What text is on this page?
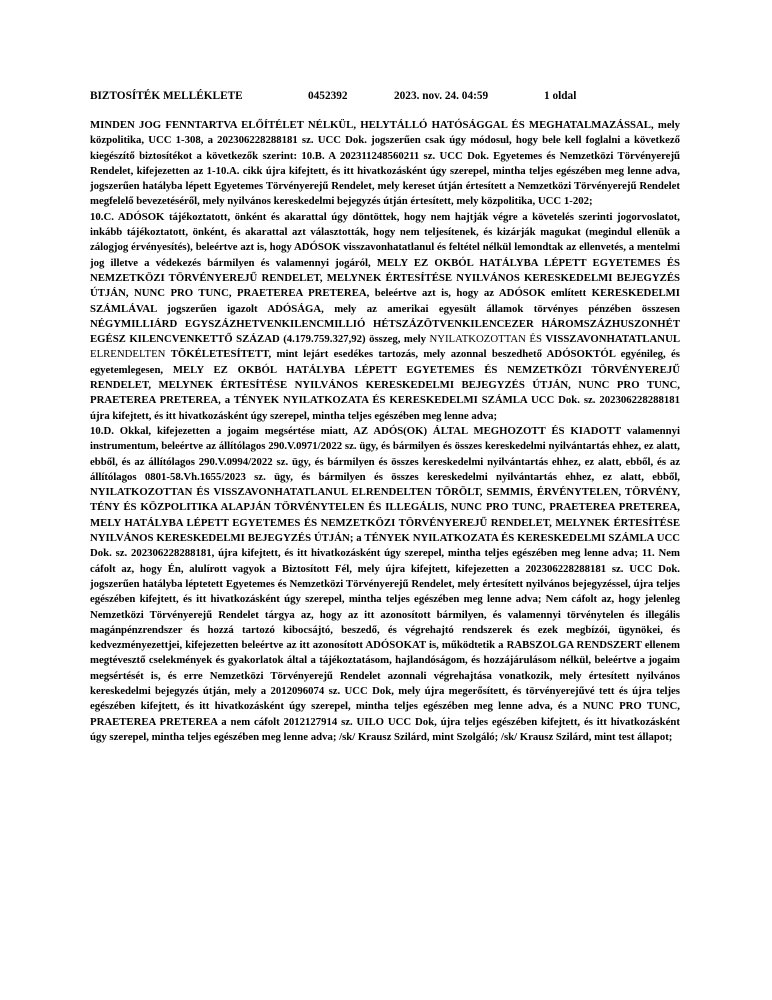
BIZTOSÍTÉK MELLÉKLETE	0452392	2023. nov. 24. 04:59	1 oldal

MINDEN JOG FENNTARTVA ELŐÍTÉLET NÉLKÜL, HELYTÁLLÓ HATÓSÁGGAL ÉS MEGHATALMAZÁSSAL, mely közpolitika, UCC 1-308, a 202306228288181 sz. UCC Dok. jogszerűen csak úgy módosul, hogy bele kell foglalni a következő kiegészítő biztosítékot a következők szerint: 10.B. A 202311248560211 sz. UCC Dok. Egyetemes és Nemzetközi Törvényerejű Rendelet, kifejezetten az 1-10.A. cikk újra kifejtett, és itt hivatkozásként úgy szerepel, mintha teljes egészében meg lenne adva, jogszerűen hatályba lépett Egyetemes Törvényerejű Rendelet, mely kereset útján értesített a Nemzetközi Törvényerejű Rendelet megfelelő bevezetéséről, mely nyilvános kereskedelmi bejegyzés útján értesített, mely közpolitika, UCC 1-202;

10.C. ADÓSOK tájékoztatott, önként és akarattal úgy döntöttek, hogy nem hajtják végre a követelés szerinti jogorvoslatot, inkább tájékoztatott, önként, és akarattal azt választották, hogy nem teljesítenek, és kizárják magukat (megindul ellenük a zálogjog érvényesítés), beleértve azt is, hogy ADÓSOK visszavonhatatlanul és feltétel nélkül lemondtak az ellenvetés, a mentelmi jog illetve a védekezés bármilyen és valamennyi jogáról, MELY EZ OKBÓL HATÁLYBA LÉPETT EGYETEMES ÉS NEMZETKÖZI TÖRVÉNYEREJŰ RENDELET, MELYNEK ÉRTESÍTÉSE NYILVÁNOS KERESKEDELMI BEJEGYZÉS ÚTJÁN, NUNC PRO TUNC, PRAETEREA PRETEREA, beleértve azt is, hogy az ADÓSOK említett KERESKEDELMI SZÁMLÁVAL jogszerűen igazolt ADÓSÁGA, mely az amerikai egyesült államok törvényes pénzében összesen NÉGYMILLIÁRD EGYSZÁZHETVENKILENCMILLIÓ HÉTSZÁZÖTVENKILENCEZER HÁROMSZÁZHUSZONHÉT EGÉSZ KILENCVENKETTŐ SZÁZAD (4.179.759.327,92) összeg, mely NYILATKOZOTTAN ÉS VISSZAVONHATATLANUL ELRENDELTEN TÖKÉLETESÍTETT, mint lejárt esedékes tartozás, mely azonnal beszedhető ADÓSOKTÓL egyénileg, és egyetemlegesen, MELY EZ OKBÓL HATÁLYBA LÉPETT EGYETEMES ÉS NEMZETKÖZI TÖRVÉNYEREJŰ RENDELET, MELYNEK ÉRTESÍTÉSE NYILVÁNOS KERESKEDELMI BEJEGYZÉS ÚTJÁN, NUNC PRO TUNC, PRAETEREA PRETEREA, a TÉNYEK NYILATKOZATA ÉS KERESKEDELMI SZÁMLA UCC Dok. sz. 202306228288181 újra kifejtett, és itt hivatkozásként úgy szerepel, mintha teljes egészében meg lenne adva;

10.D. Okkal, kifejezetten a jogaim megsértése miatt, AZ ADÓS(OK) ÁLTAL MEGHOZOTT ÉS KIADOTT valamennyi instrumentum, beleértve az állítólagos 290.V.0971/2022 sz. ügy, és bármilyen és összes kereskedelmi nyilvántartás ehhez, ez alatt, ebből, és az állítólagos 290.V.0994/2022 sz. ügy, és bármilyen és összes kereskedelmi nyilvántartás ehhez, ez alatt, ebből, és az állítólagos 0801-58.Vh.1655/2023 sz. ügy, és bármilyen és összes kereskedelmi nyilvántartás ehhez, ez alatt, ebből, NYILATKOZOTTAN ÉS VISSZAVONHATATLANUL ELRENDELTEN TÖRÖLT, SEMMIS, ÉRVÉNYTELEN, TÖRVÉNY, TÉNY ÉS KÖZPOLITIKA ALAPJÁN TÖRVÉNYTELEN ÉS ILLEGÁLIS, NUNC PRO TUNC, PRAETEREA PRETEREA, MELY HATÁLYBA LÉPETT EGYETEMES ÉS NEMZETKÖZI TÖRVÉNYEREJŰ RENDELET, MELYNEK ÉRTESÍTÉSE NYILVÁNOS KERESKEDELMI BEJEGYZÉS ÚTJÁN; a TÉNYEK NYILATKOZATA ÉS KERESKEDELMI SZÁMLA UCC Dok. sz. 202306228288181, újra kifejtett, és itt hivatkozásként úgy szerepel, mintha teljes egészében meg lenne adva; 11. Nem cáfolt az, hogy Én, alulírott vagyok a Biztosított Fél, mely újra kifejtett, kifejezetten a 202306228288181 sz. UCC Dok. jogszerűen hatályba léptetett Egyetemes és Nemzetközi Törvényerejű Rendelet, mely értesített nyilvános bejegyzéssel, újra teljes egészében kifejtett, és itt hivatkozásként úgy szerepel, mintha teljes egészében meg lenne adva; Nem cáfolt az, hogy jelenleg Nemzetközi Törvényerejű Rendelet tárgya az, hogy az itt azonosított bármilyen, és valamennyi törvénytelen és illegális magánpénzrendszer és hozzá tartozó kibocsájtó, beszedő, és végrehajtó rendszerek és ezek megbízói, ügynökei, és kedvezményezettjei, kifejezetten beleértve az itt azonosított ADÓSOKAT is, működtetik a RABSZOLGA RENDSZERT ellenem megtévesztő cselekmények és gyakorlatok által a tájékoztatásom, hajlandóságom, és hozzájárulásom nélkül, beleértve a jogaim megsértését is, és erre Nemzetközi Törvényerejű Rendelet azonnali végrehajtása vonatkozik, mely értesített nyilvános kereskedelmi bejegyzés útján, mely a 2012096074 sz. UCC Dok, mely újra megerősített, és törvényerejűvé tett és újra teljes egészében kifejtett, és itt hivatkozásként úgy szerepel, mintha teljes egészében meg lenne adva, és a NUNC PRO TUNC, PRAETEREA PRETEREA a nem cáfolt 2012127914 sz. UILO UCC Dok, újra teljes egészében kifejtett, és itt hivatkozásként úgy szerepel, mintha teljes egészében meg lenne adva; /sk/ Krausz Szilárd, mint Szolgáló; /sk/ Krausz Szilárd, mint test állapot;
